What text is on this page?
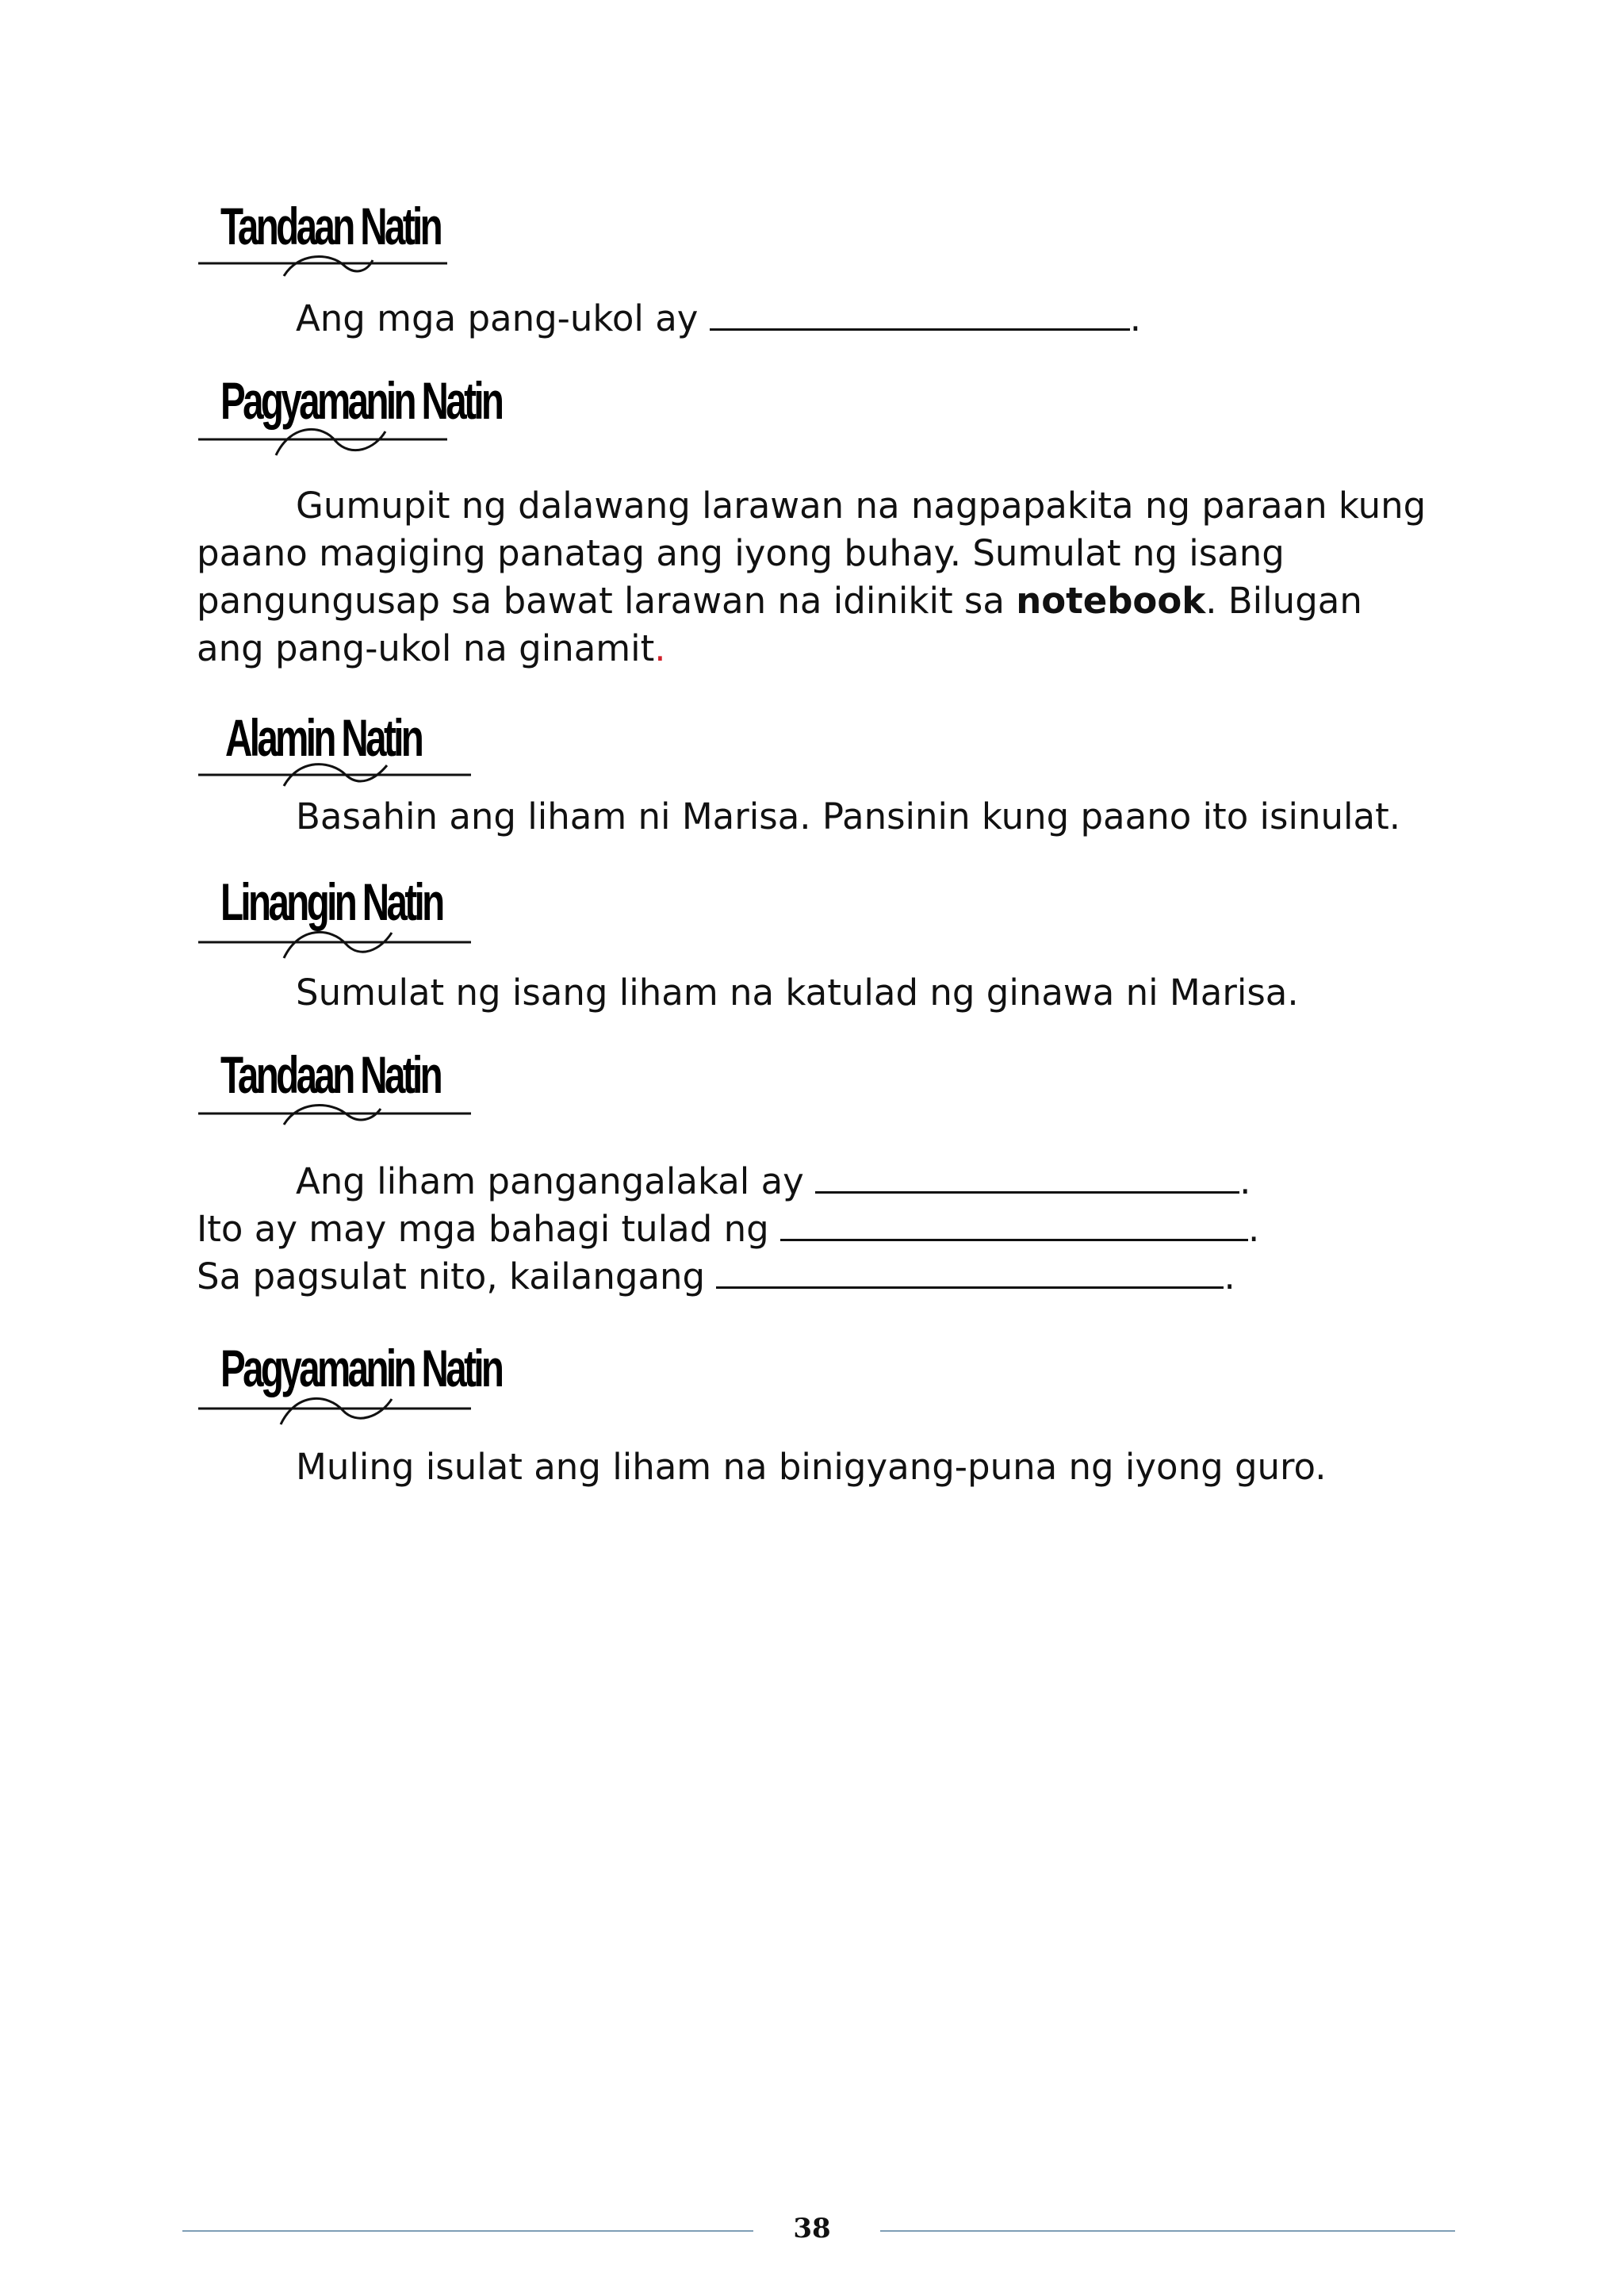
Tandaan Natin

Ang mga pang-ukol ay	.

Pagyamanin Natin

Gumupit ng dalawang larawan na nagpapakita ng paraan kung paano magiging panatag ang iyong buhay. Sumulat ng isang pangungusap sa bawat larawan na idinikit sa notebook. Bilugan ang pang-ukol na ginamit.

Alamin Natin

Basahin ang liham ni Marisa. Pansinin kung paano ito isinulat.

Linangin Natin

Sumulat ng isang liham na katulad ng ginawa ni Marisa.

Tandaan Natin
Ang liham pangangalakal ay	.
Ito ay may mga bahagi tulad ng	.
Sa pagsulat nito, kailangang	.
Pagyamanin Natin

Muling isulat ang liham na binigyang-puna ng iyong guro.

38
